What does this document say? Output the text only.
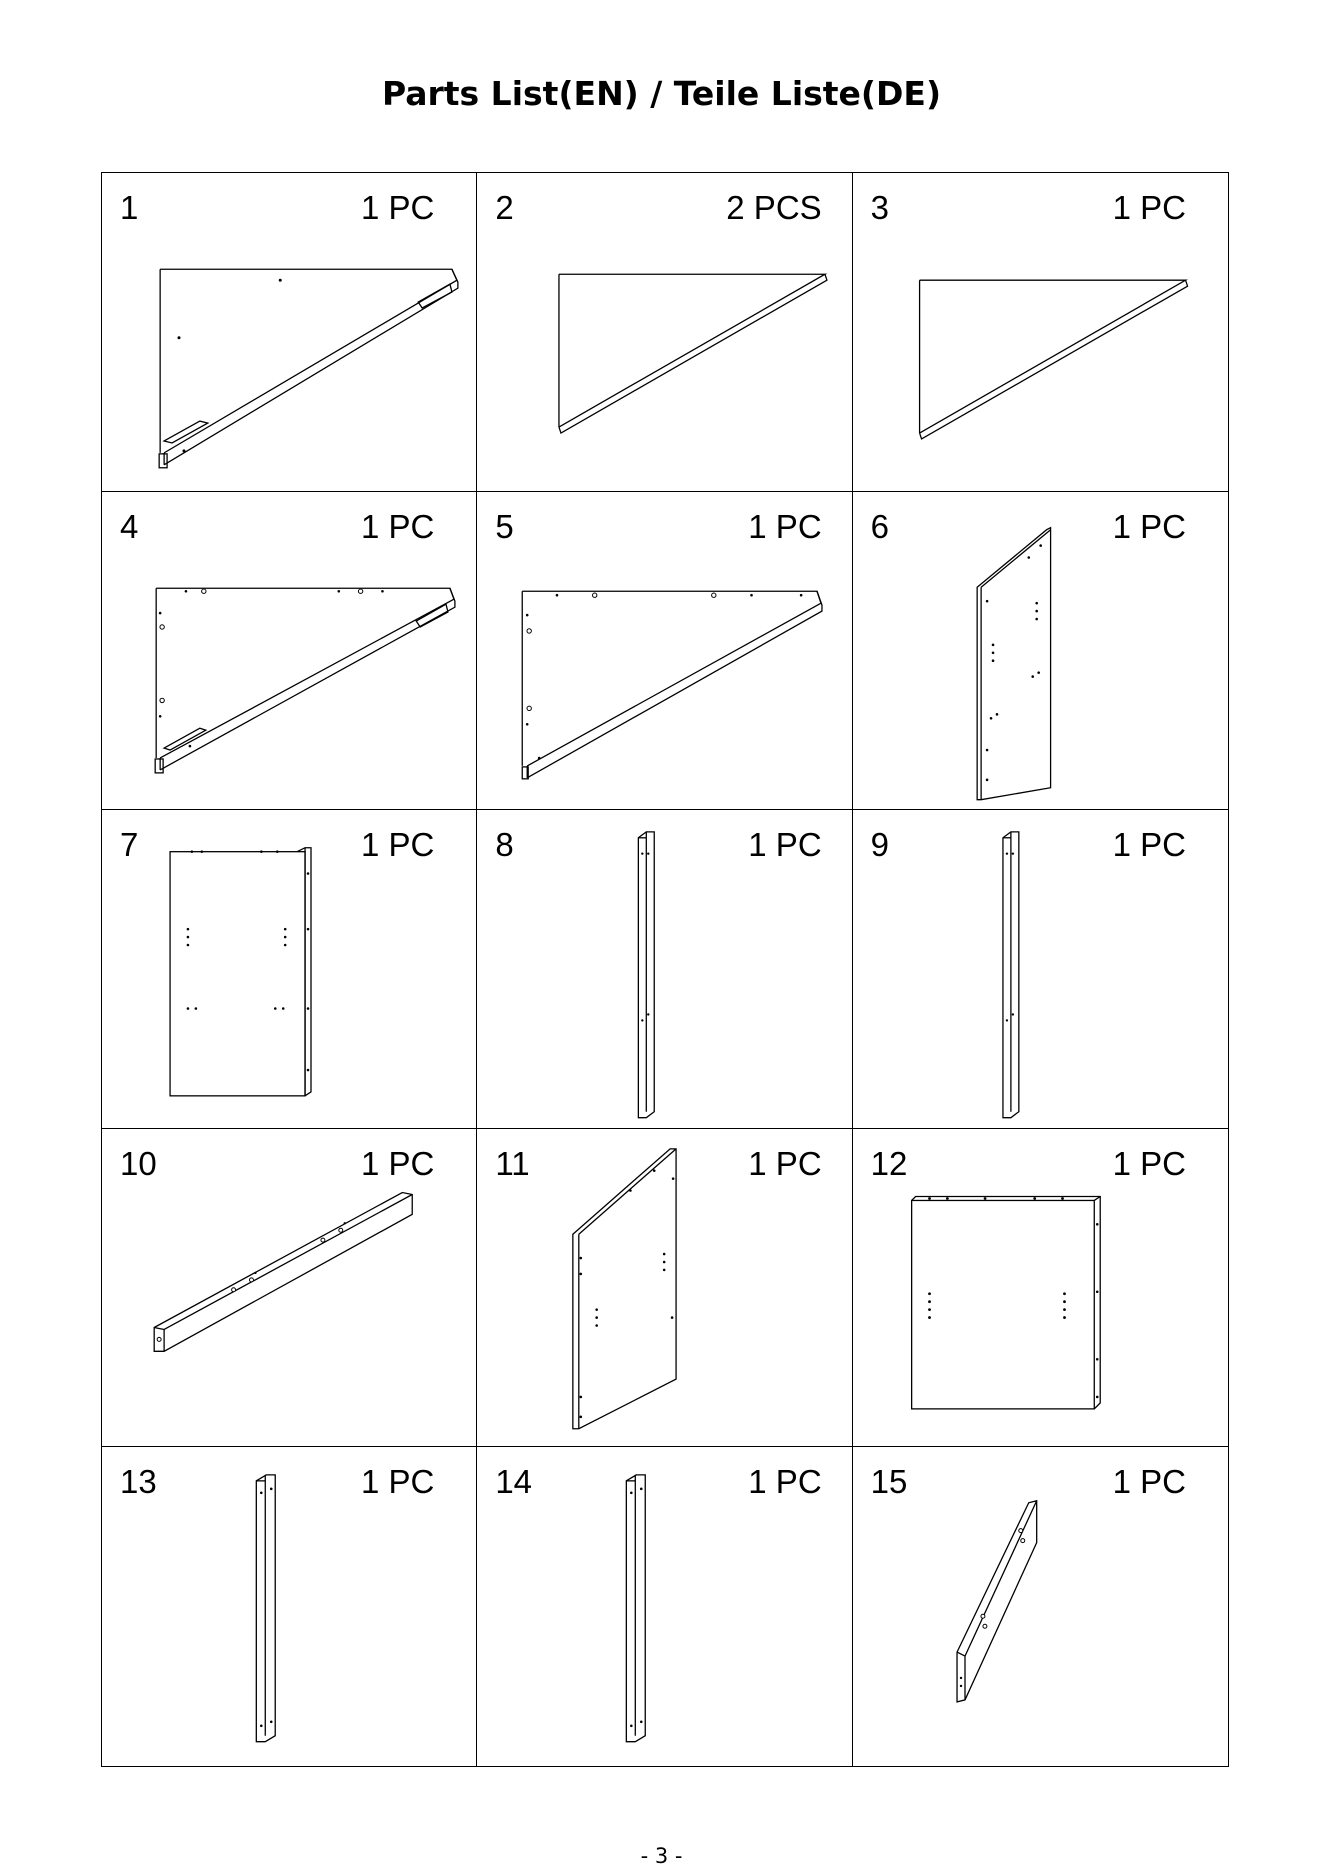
Parts List(EN) / Teile Liste(DE)
1	1 PC 2	2 PCS 3	1 PC
4	1 PC 5	1 PC 6	1 PC
7	1 PC 8	1 PC 9	1 PC
10	1 PC 11	1 PC 12	1 PC
13	1 PC 14	1 PC 15	1 PC
- 3 -
